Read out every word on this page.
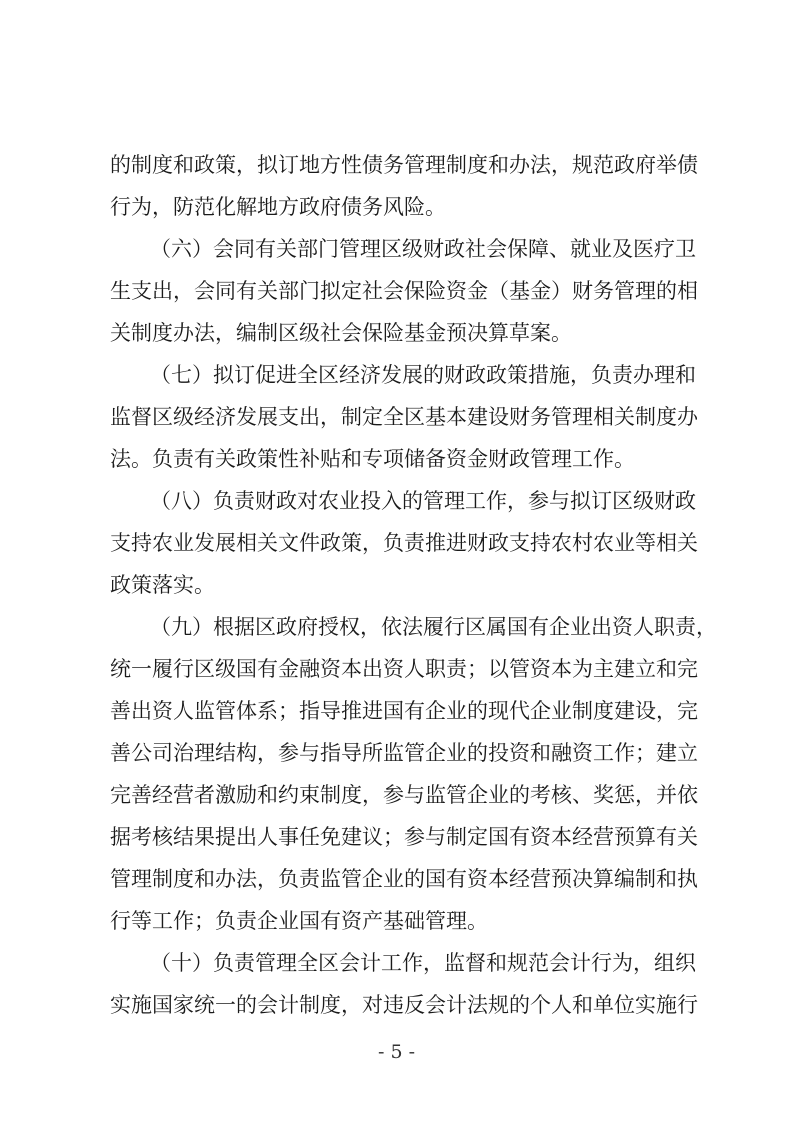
的制度和政策，拟订地方性债务管理制度和办法，规范政府举债
行为，防范化解地方政府债务风险。
（六）会同有关部门管理区级财政社会保障、就业及医疗卫
生支出，会同有关部门拟定社会保险资金（基金）财务管理的相
关制度办法，编制区级社会保险基金预决算草案。
（七）拟订促进全区经济发展的财政政策措施，负责办理和
监督区级经济发展支出，制定全区基本建设财务管理相关制度办
法。负责有关政策性补贴和专项储备资金财政管理工作。
（八）负责财政对农业投入的管理工作，参与拟订区级财政
支持农业发展相关文件政策，负责推进财政支持农村农业等相关
政策落实。
（九）根据区政府授权，依法履行区属国有企业出资人职责，
统一履行区级国有金融资本出资人职责；以管资本为主建立和完
善出资人监管体系；指导推进国有企业的现代企业制度建设，完
善公司治理结构，参与指导所监管企业的投资和融资工作；建立
完善经营者激励和约束制度，参与监管企业的考核、奖惩，并依
据考核结果提出人事任免建议；参与制定国有资本经营预算有关
管理制度和办法，负责监管企业的国有资本经营预决算编制和执
行等工作；负责企业国有资产基础管理。
（十）负责管理全区会计工作，监督和规范会计行为，组织
实施国家统一的会计制度，对违反会计法规的个人和单位实施行
- 5 -
